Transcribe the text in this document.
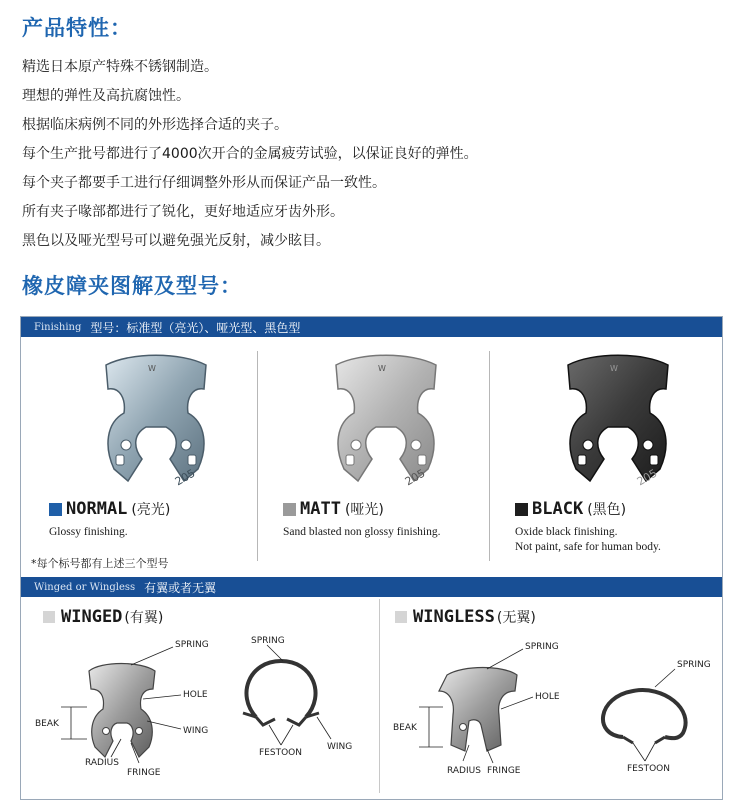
产品特性：
精选日本原产特殊不锈钢制造。
理想的弹性及高抗腐蚀性。
根据临床病例不同的外形选择合适的夹子。
每个生产批号都进行了4000次开合的金属疲劳试验，以保证良好的弹性。
每个夹子都要手工进行仔细调整外形从而保证产品一致性。
所有夹子喙部都进行了锐化，更好地适应牙齿外形。
黑色以及哑光型号可以避免强光反射，减少眩目。
橡皮障夹图解及型号：
Finishing 型号：标准型（亮光）、哑光型、黑色型
W
205
W
205
W
205
NORMAL (亮光)
Glossy finishing.
MATT (哑光)
Sand blasted non glossy finishing.
BLACK (黑色)
Oxide black finishing.
Not paint, safe for human body.
*每个标号都有上述三个型号
Winged or Wingless 有翼或者无翼
WINGED (有翼)	WINGLESS (无翼)
SPRING
HOLE
WING
BEAK
RADIUS
FRINGE
SPRING
FESTOON
WING
SPRING
HOLE
BEAK
RADIUS FRINGE
SPRING
FESTOON
